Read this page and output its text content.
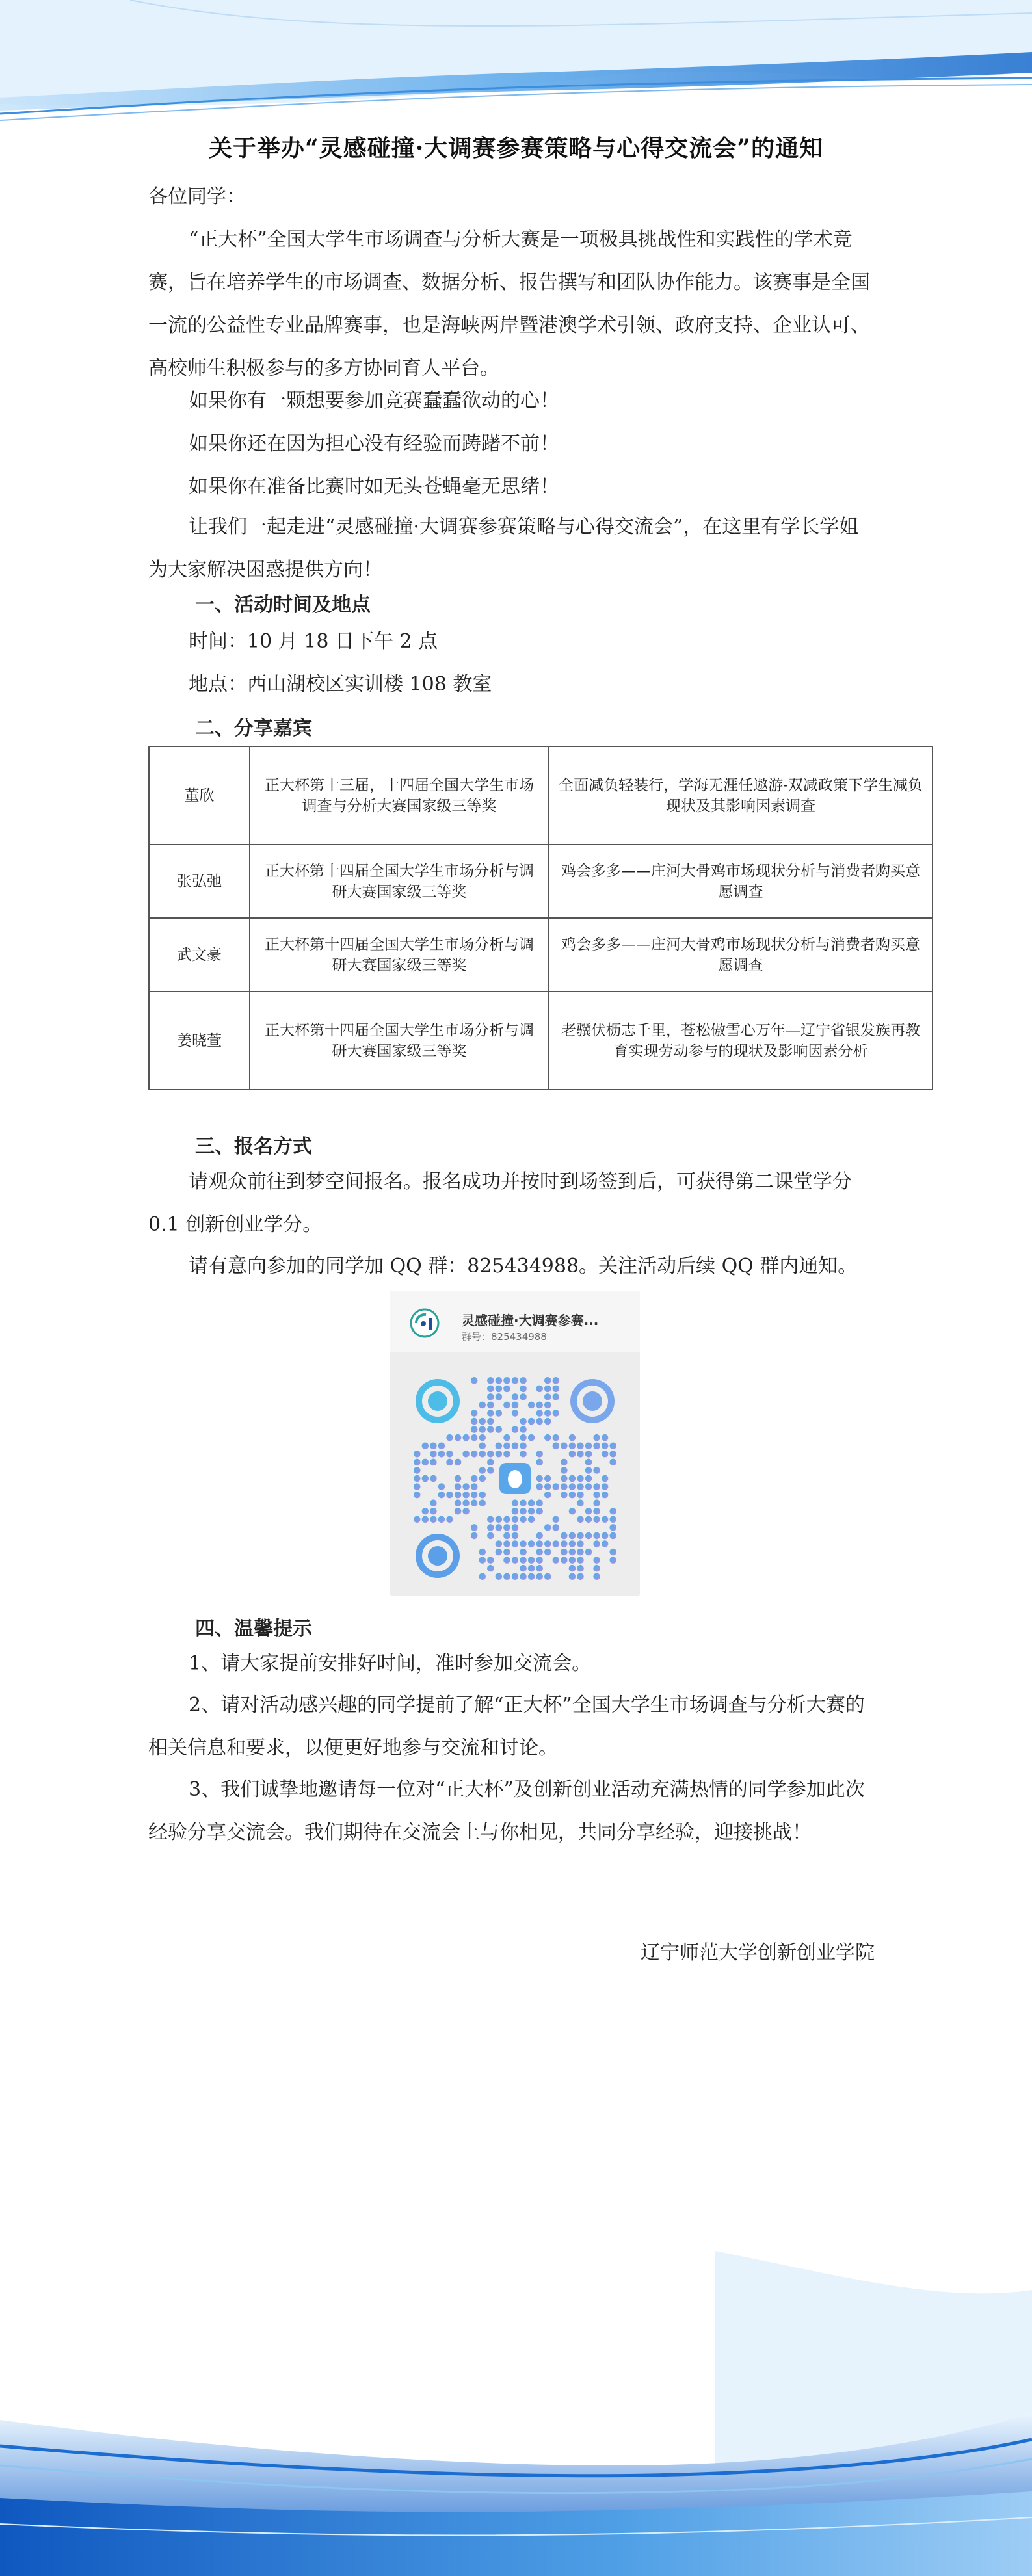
关于举办“灵感碰撞·大调赛参赛策略与心得交流会”的通知

各位同学：

“正大杯”全国大学生市场调查与分析大赛是一项极具挑战性和实践性的学术竞赛，旨在培养学生的市场调查、数据分析、报告撰写和团队协作能力。该赛事是全国一流的公益性专业品牌赛事，也是海峡两岸暨港澳学术引领、政府支持、企业认可、高校师生积极参与的多方协同育人平台。

如果你有一颗想要参加竞赛蠢蠢欲动的心！

如果你还在因为担心没有经验而踌躇不前！

如果你在准备比赛时如无头苍蝇毫无思绪！

让我们一起走进“灵感碰撞·大调赛参赛策略与心得交流会”，在这里有学长学姐为大家解决困惑提供方向！

一、活动时间及地点

时间：10 月 18 日下午 2 点

地点：西山湖校区实训楼 108 教室

二、分享嘉宾

董欣	正大杯第十三届，十四届全国大学生市场调查与分析大赛国家级三等奖	全面减负轻装行，学海无涯任遨游-双减政策下学生减负现状及其影响因素调查
张弘弛	正大杯第十四届全国大学生市场分析与调研大赛国家级三等奖	鸡会多多——庄河大骨鸡市场现状分析与消费者购买意愿调查
武文豪	正大杯第十四届全国大学生市场分析与调研大赛国家级三等奖	鸡会多多——庄河大骨鸡市场现状分析与消费者购买意愿调查
姜晓萱	正大杯第十四届全国大学生市场分析与调研大赛国家级三等奖	老骥伏枥志千里，苍松傲雪心万年—辽宁省银发族再教育实现劳动参与的现状及影响因素分析

三、报名方式

请观众前往到梦空间报名。报名成功并按时到场签到后，可获得第二课堂学分 0.1 创新创业学分。

请有意向参加的同学加 QQ 群：825434988。关注活动后续 QQ 群内通知。

灵感碰撞·大调赛参赛...
群号：825434988

四、温馨提示

1、请大家提前安排好时间，准时参加交流会。

2、请对活动感兴趣的同学提前了解“正大杯”全国大学生市场调查与分析大赛的相关信息和要求，以便更好地参与交流和讨论。

3、我们诚挚地邀请每一位对“正大杯”及创新创业活动充满热情的同学参加此次经验分享交流会。我们期待在交流会上与你相见，共同分享经验，迎接挑战！

辽宁师范大学创新创业学院
